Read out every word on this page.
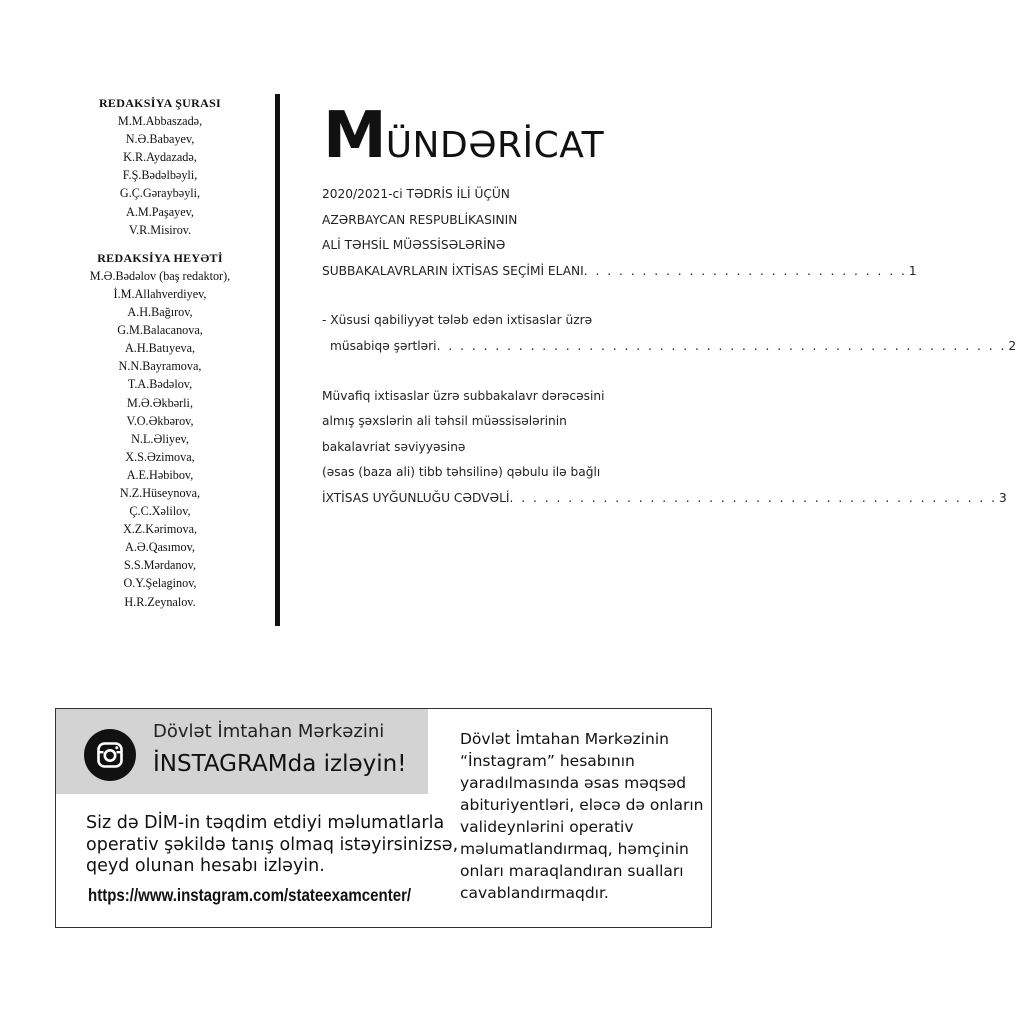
REDAKSİYA ŞURASI
M.M.Abbaszadə,
N.Ə.Babayev,
K.R.Aydazadə,
F.Ş.Bədəlbəyli,
G.Ç.Gəraybəyli,
A.M.Paşayev,
V.R.Misirov.
REDAKSİYA HEYƏTİ
M.Ə.Bədəlov (baş redaktor),
İ.M.Allahverdiyev,
A.H.Bağırov,
G.M.Balacanova,
A.H.Batıyeva,
N.N.Bayramova,
T.A.Bədəlov,
M.Ə.Əkbərli,
V.O.Əkbərov,
N.L.Əliyev,
X.S.Əzimova,
A.E.Həbibov,
N.Z.Hüseynova,
Ç.C.Xəlilov,
X.Z.Kərimova,
A.Ə.Qasımov,
S.S.Mərdanov,
O.Y.Şelaginov,
H.R.Zeynalov.
MÜNDƏRİCAT
2020/2021-ci TƏDRİS İLİ ÜÇÜN
AZƏRBAYCAN RESPUBLİKASININ
ALİ TƏHSİL MÜƏSSİSƏLƏRİNƏ
SUBBAKALAVRLARIN İXTİSAS SEÇİMİ ELANI . . . . . . . . . . . . . . . . . . . . . . . . . . . . 1
- Xüsusi qabiliyyət tələb edən ixtisaslar üzrə
müsabiqə şərtləri . . . . . . . . . . . . . . . . . . . . . . . . . . . . . . . . . . . . . . . . . . . . . . . . . 2
Müvafiq ixtisaslar üzrə subbakalavr dərəcəsini
almış şəxslərin ali təhsil müəssisələrinin
bakalavriat səviyyəsinə
(əsas (baza ali) tibb təhsilinə) qəbulu ilə bağlı
İXTİSAS UYĞUNLUĞU CƏDVƏLİ . . . . . . . . . . . . . . . . . . . . . . . . . . . . . . . . . . . . . . . . . . 3
Dövlət İmtahan Mərkəzini
İNSTAGRAMda izləyin!
Siz də DİM-in təqdim etdiyi məlumatlarla
operativ şəkildə tanış olmaq istəyirsinizsə,
qeyd olunan hesabı izləyin.
https://www.instagram.com/stateexamcenter/
Dövlət İmtahan Mərkəzinin
“İnstagram” hesabının
yaradılmasında əsas məqsəd
abituriyentləri, eləcə də onların
valideynlərini operativ
məlumatlandırmaq, həmçinin
onları maraqlandıran sualları
cavablandırmaqdır.
